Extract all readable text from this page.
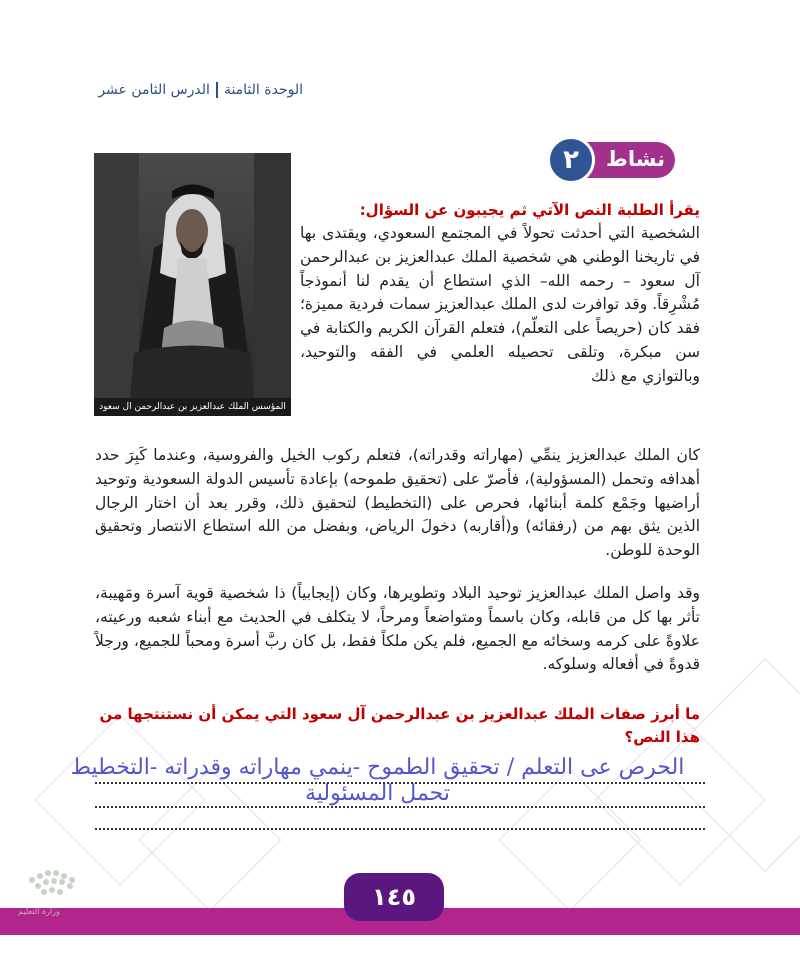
الوحدة الثامنةالدرس الثامن عشر
نشاط
٢
المؤسس الملك عبدالعزيز بن عبدالرحمن ال سعود
يقرأ الطلبة النص الآتي ثم يجيبون عن السؤال:
الشخصية التي أحدثت تحولاً في المجتمع السعودي، ويقتدى بها في تاريخنا الوطني هي شخصية الملك عبدالعزيز بن عبدالرحمن آل سعود – رحمه الله– الذي استطاع أن يقدم لنا أنموذجاً مُشْرِقاً. وقد توافرت لدى الملك عبدالعزيز سمات فردية مميزة؛ فقد كان (حريصاً على التعلّم)، فتعلم القرآن الكريم والكتابة في سن مبكرة، وتلقى تحصيله العلمي في الفقه والتوحيد، وبالتوازي مع ذلك
كان الملك عبدالعزيز ينمِّي (مهاراته وقدراته)، فتعلم ركوب الخيل والفروسية، وعندما كَبِرَ حدد أهدافه وتحمل (المسؤولية)، فأصرّ على (تحقيق طموحه) بإعادة تأسيس الدولة السعودية وتوحيد أراضيها وجَمْع كلمة أبنائها، فحرص على (التخطيط) لتحقيق ذلك، وقرر بعد أن اختار الرجال الذين يثق بهم من (رفقائه) و(أقاربه) دخولَ الرياض، وبفضل من الله استطاع الانتصار وتحقيق الوحدة للوطن.
وقد واصل الملك عبدالعزيز توحيد البلاد وتطويرها، وكان (إيجابياً) ذا شخصية قوية آسرة ومَهيبة، تأثر بها كل من قابله، وكان باسماً ومتواضعاً ومرحاً، لا يتكلف في الحديث مع أبناء شعبه ورعيته، علاوةً على كرمه وسخائه مع الجميع، فلم يكن ملكاً فقط، بل كان ربَّ أسرة ومحباً للجميع، ورجلاً قدوةً في أفعاله وسلوكه.
ما أبرز صفات الملك عبدالعزيز بن عبدالرحمن آل سعود التي يمكن أن نستنتجها من هذا النص؟
الحرص عى التعلم / تحقيق الطموح -ينمي مهاراته وقدراته -التخطيط
تحمل المسئولية
١٤٥
وزارة التعليم
